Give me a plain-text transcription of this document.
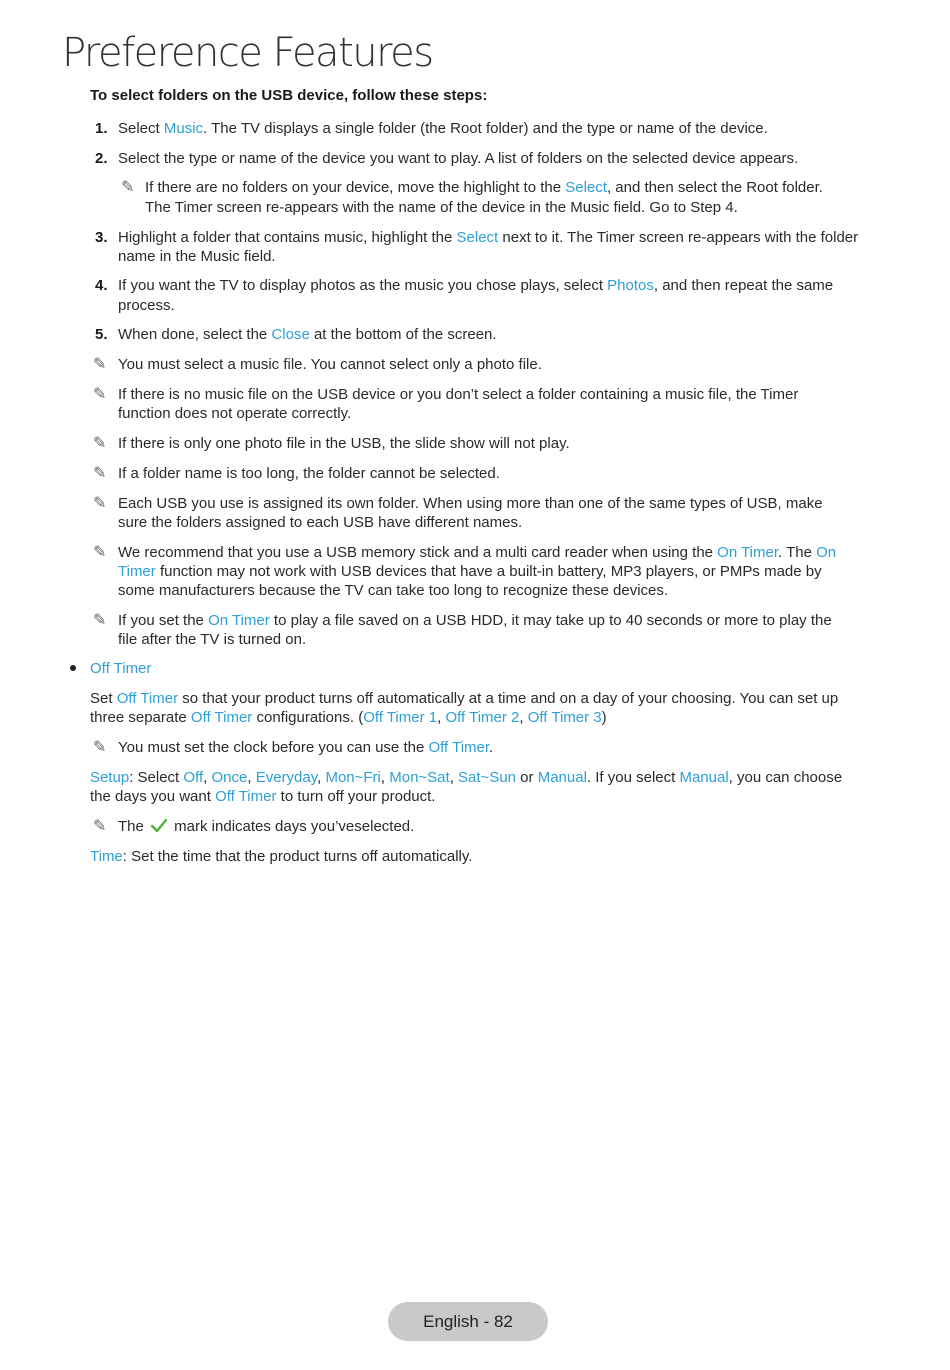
Preference Features
To select folders on the USB device, follow these steps:
1. Select Music. The TV displays a single folder (the Root folder) and the type or name of the device.
2. Select the type or name of the device you want to play. A list of folders on the selected device appears.
✎ If there are no folders on your device, move the highlight to the Select, and then select the Root folder.
The Timer screen re-appears with the name of the device in the Music field. Go to Step 4.
3. Highlight a folder that contains music, highlight the Select next to it. The Timer screen re-appears with the folder
name in the Music field.
4. If you want the TV to display photos as the music you chose plays, select Photos, and then repeat the same
process.
5. When done, select the Close at the bottom of the screen.
✎ You must select a music file. You cannot select only a photo file.
✎ If there is no music file on the USB device or you don’t select a folder containing a music file, the Timer
function does not operate correctly.
✎ If there is only one photo file in the USB, the slide show will not play.
✎ If a folder name is too long, the folder cannot be selected.
✎ Each USB you use is assigned its own folder. When using more than one of the same types of USB, make
sure the folders assigned to each USB have different names.
✎ We recommend that you use a USB memory stick and a multi card reader when using the On Timer. The On
Timer function may not work with USB devices that have a built-in battery, MP3 players, or PMPs made by
some manufacturers because the TV can take too long to recognize these devices.
✎ If you set the On Timer to play a file saved on a USB HDD, it may take up to 40 seconds or more to play the
file after the TV is turned on.
Off Timer
Set Off Timer so that your product turns off automatically at a time and on a day of your choosing. You can set up
three separate Off Timer configurations. (Off Timer 1, Off Timer 2, Off Timer 3)
✎ You must set the clock before you can use the Off Timer.
Setup: Select Off, Once, Everyday, Mon~Fri, Mon~Sat, Sat~Sun or Manual. If you select Manual, you can choose
the days you want Off Timer to turn off your product.
✎ The  mark indicates days you’veselected.
Time: Set the time that the product turns off automatically.
English - 82
